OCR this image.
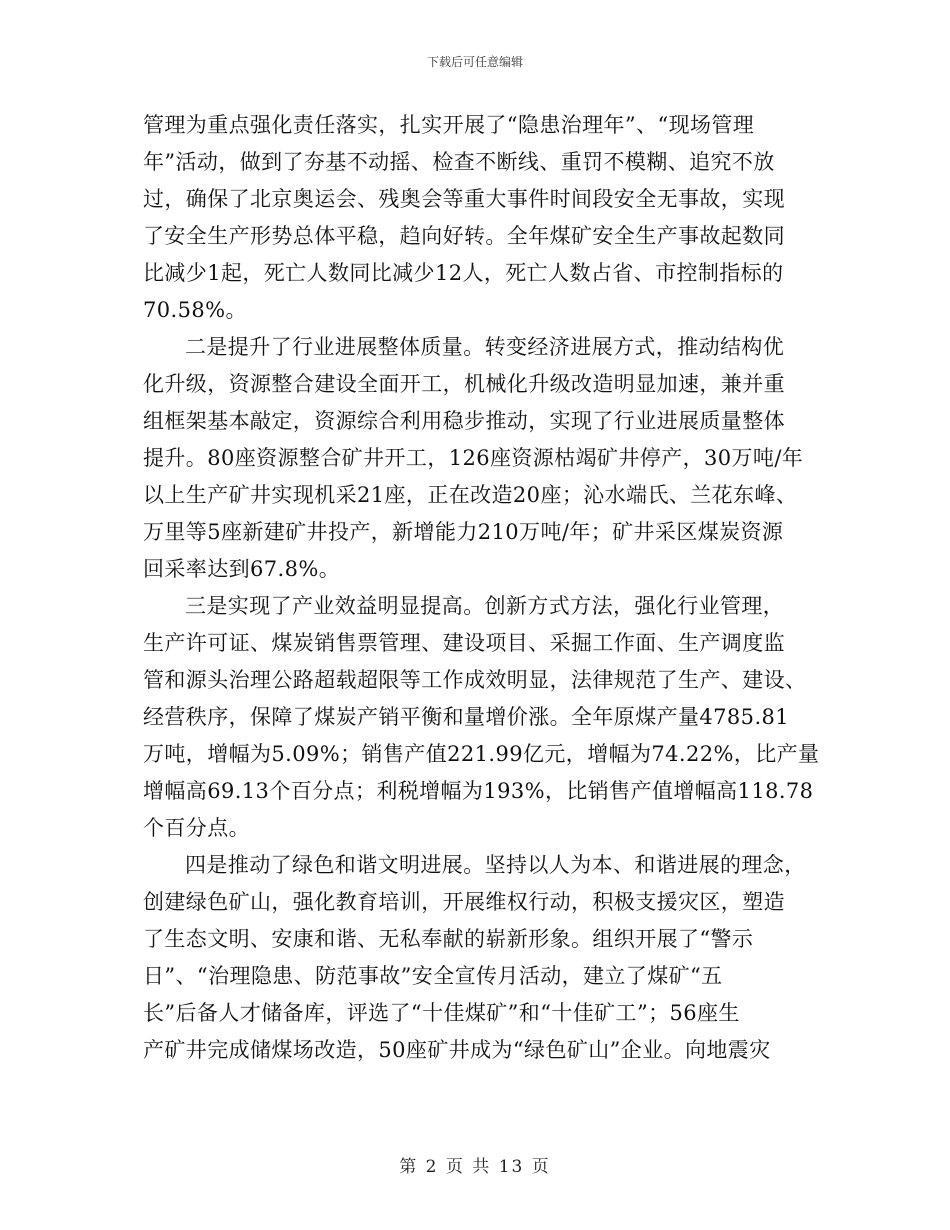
下载后可任意编辑
管理为重点强化责任落实，扎实开展了“隐患治理年”、“现场管理
年”活动，做到了夯基不动摇、检查不断线、重罚不模糊、追究不放
过，确保了北京奥运会、残奥会等重大事件时间段安全无事故，实现
了安全生产形势总体平稳，趋向好转。全年煤矿安全生产事故起数同
比减少1起，死亡人数同比减少12人，死亡人数占省、市控制指标的
70.58%。
二是提升了行业进展整体质量。转变经济进展方式，推动结构优
化升级，资源整合建设全面开工，机械化升级改造明显加速，兼并重
组框架基本敲定，资源综合利用稳步推动，实现了行业进展质量整体
提升。80座资源整合矿井开工，126座资源枯竭矿井停产，30万吨/年
以上生产矿井实现机采21座，正在改造20座；沁水端氏、兰花东峰、
万里等5座新建矿井投产，新增能力210万吨/年；矿井采区煤炭资源
回采率达到67.8%。
三是实现了产业效益明显提高。创新方式方法，强化行业管理，
生产许可证、煤炭销售票管理、建设项目、采掘工作面、生产调度监
管和源头治理公路超载超限等工作成效明显，法律规范了生产、建设、
经营秩序，保障了煤炭产销平衡和量增价涨。全年原煤产量4785.81
万吨，增幅为5.09%；销售产值221.99亿元，增幅为74.22%，比产量
增幅高69.13个百分点；利税增幅为193%，比销售产值增幅高118.78
个百分点。
四是推动了绿色和谐文明进展。坚持以人为本、和谐进展的理念，
创建绿色矿山，强化教育培训，开展维权行动，积极支援灾区，塑造
了生态文明、安康和谐、无私奉献的崭新形象。组织开展了“警示
日”、“治理隐患、防范事故”安全宣传月活动，建立了煤矿“五
长”后备人才储备库，评选了“十佳煤矿”和“十佳矿工”；56座生
产矿井完成储煤场改造，50座矿井成为“绿色矿山”企业。向地震灾
第 2 页 共 13 页
